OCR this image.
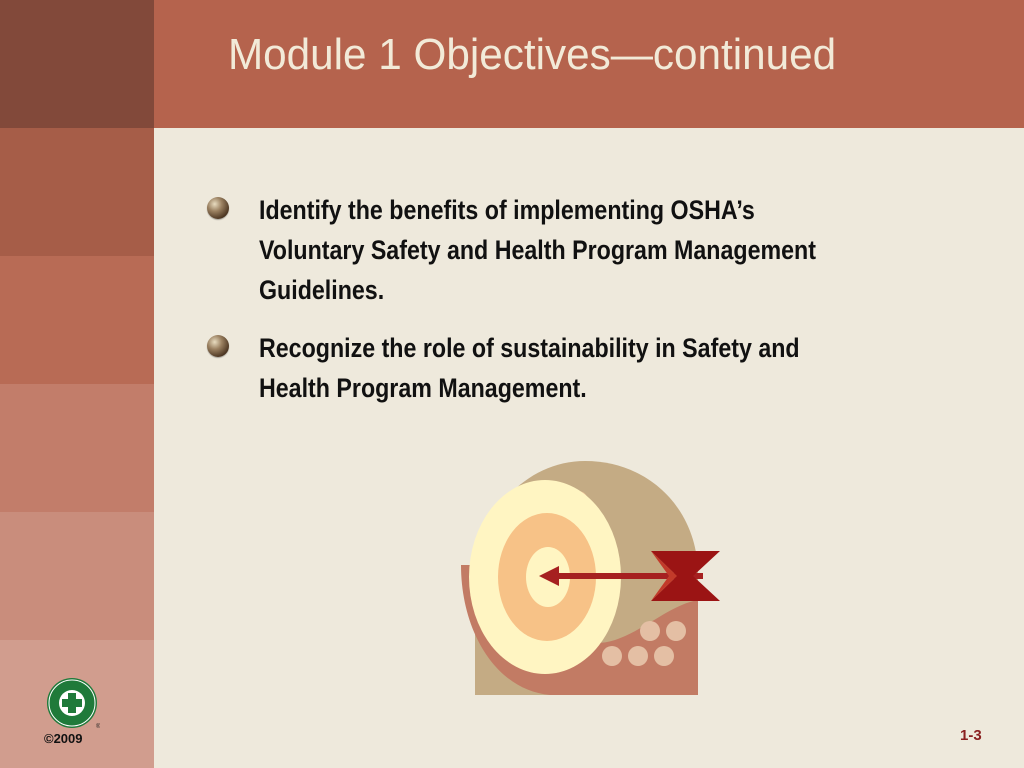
Module 1 Objectives—continued
Identify the benefits of implementing OSHA’s Voluntary Safety and Health Program Management Guidelines.
Recognize the role of sustainability in Safety and Health Program Management.
®
©2009	1-3
